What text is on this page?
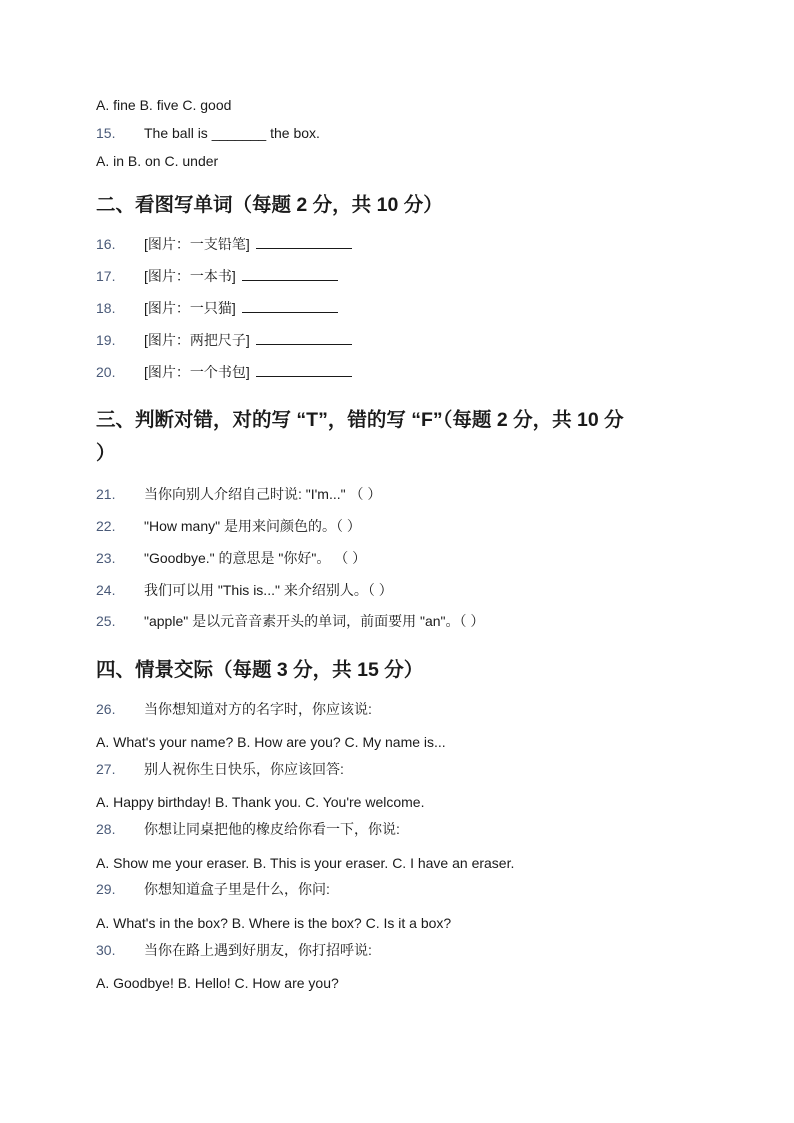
A. fine B. five C. good
15. The ball is _______ the box.
A. in B. on C. under
二、看图写单词（每题 2 分，共 10 分）
16. [图片：一支铅笔]
17. [图片：一本书]
18. [图片：一只猫]
19. [图片：两把尺子]
20. [图片：一个书包]
三、判断对错，对的写 “T”，错的写 “F”（每题 2 分，共 10 分
）
21. 当你向别人介绍自己时说: "I'm..." （ ）
22. "How many" 是用来问颜色的。（ ）
23. "Goodbye." 的意思是 "你好"。 （ ）
24. 我们可以用 "This is..." 来介绍别人。（ ）
25. "apple" 是以元音音素开头的单词，前面要用 "an"。（ ）
四、情景交际（每题 3 分，共 15 分）
26. 当你想知道对方的名字时，你应该说:
A. What's your name? B. How are you? C. My name is...
27. 别人祝你生日快乐，你应该回答:
A. Happy birthday! B. Thank you. C. You're welcome.
28. 你想让同桌把他的橡皮给你看一下，你说:
A. Show me your eraser. B. This is your eraser. C. I have an eraser.
29. 你想知道盒子里是什么，你问:
A. What's in the box? B. Where is the box? C. Is it a box?
30. 当你在路上遇到好朋友，你打招呼说:
A. Goodbye! B. Hello! C. How are you?
